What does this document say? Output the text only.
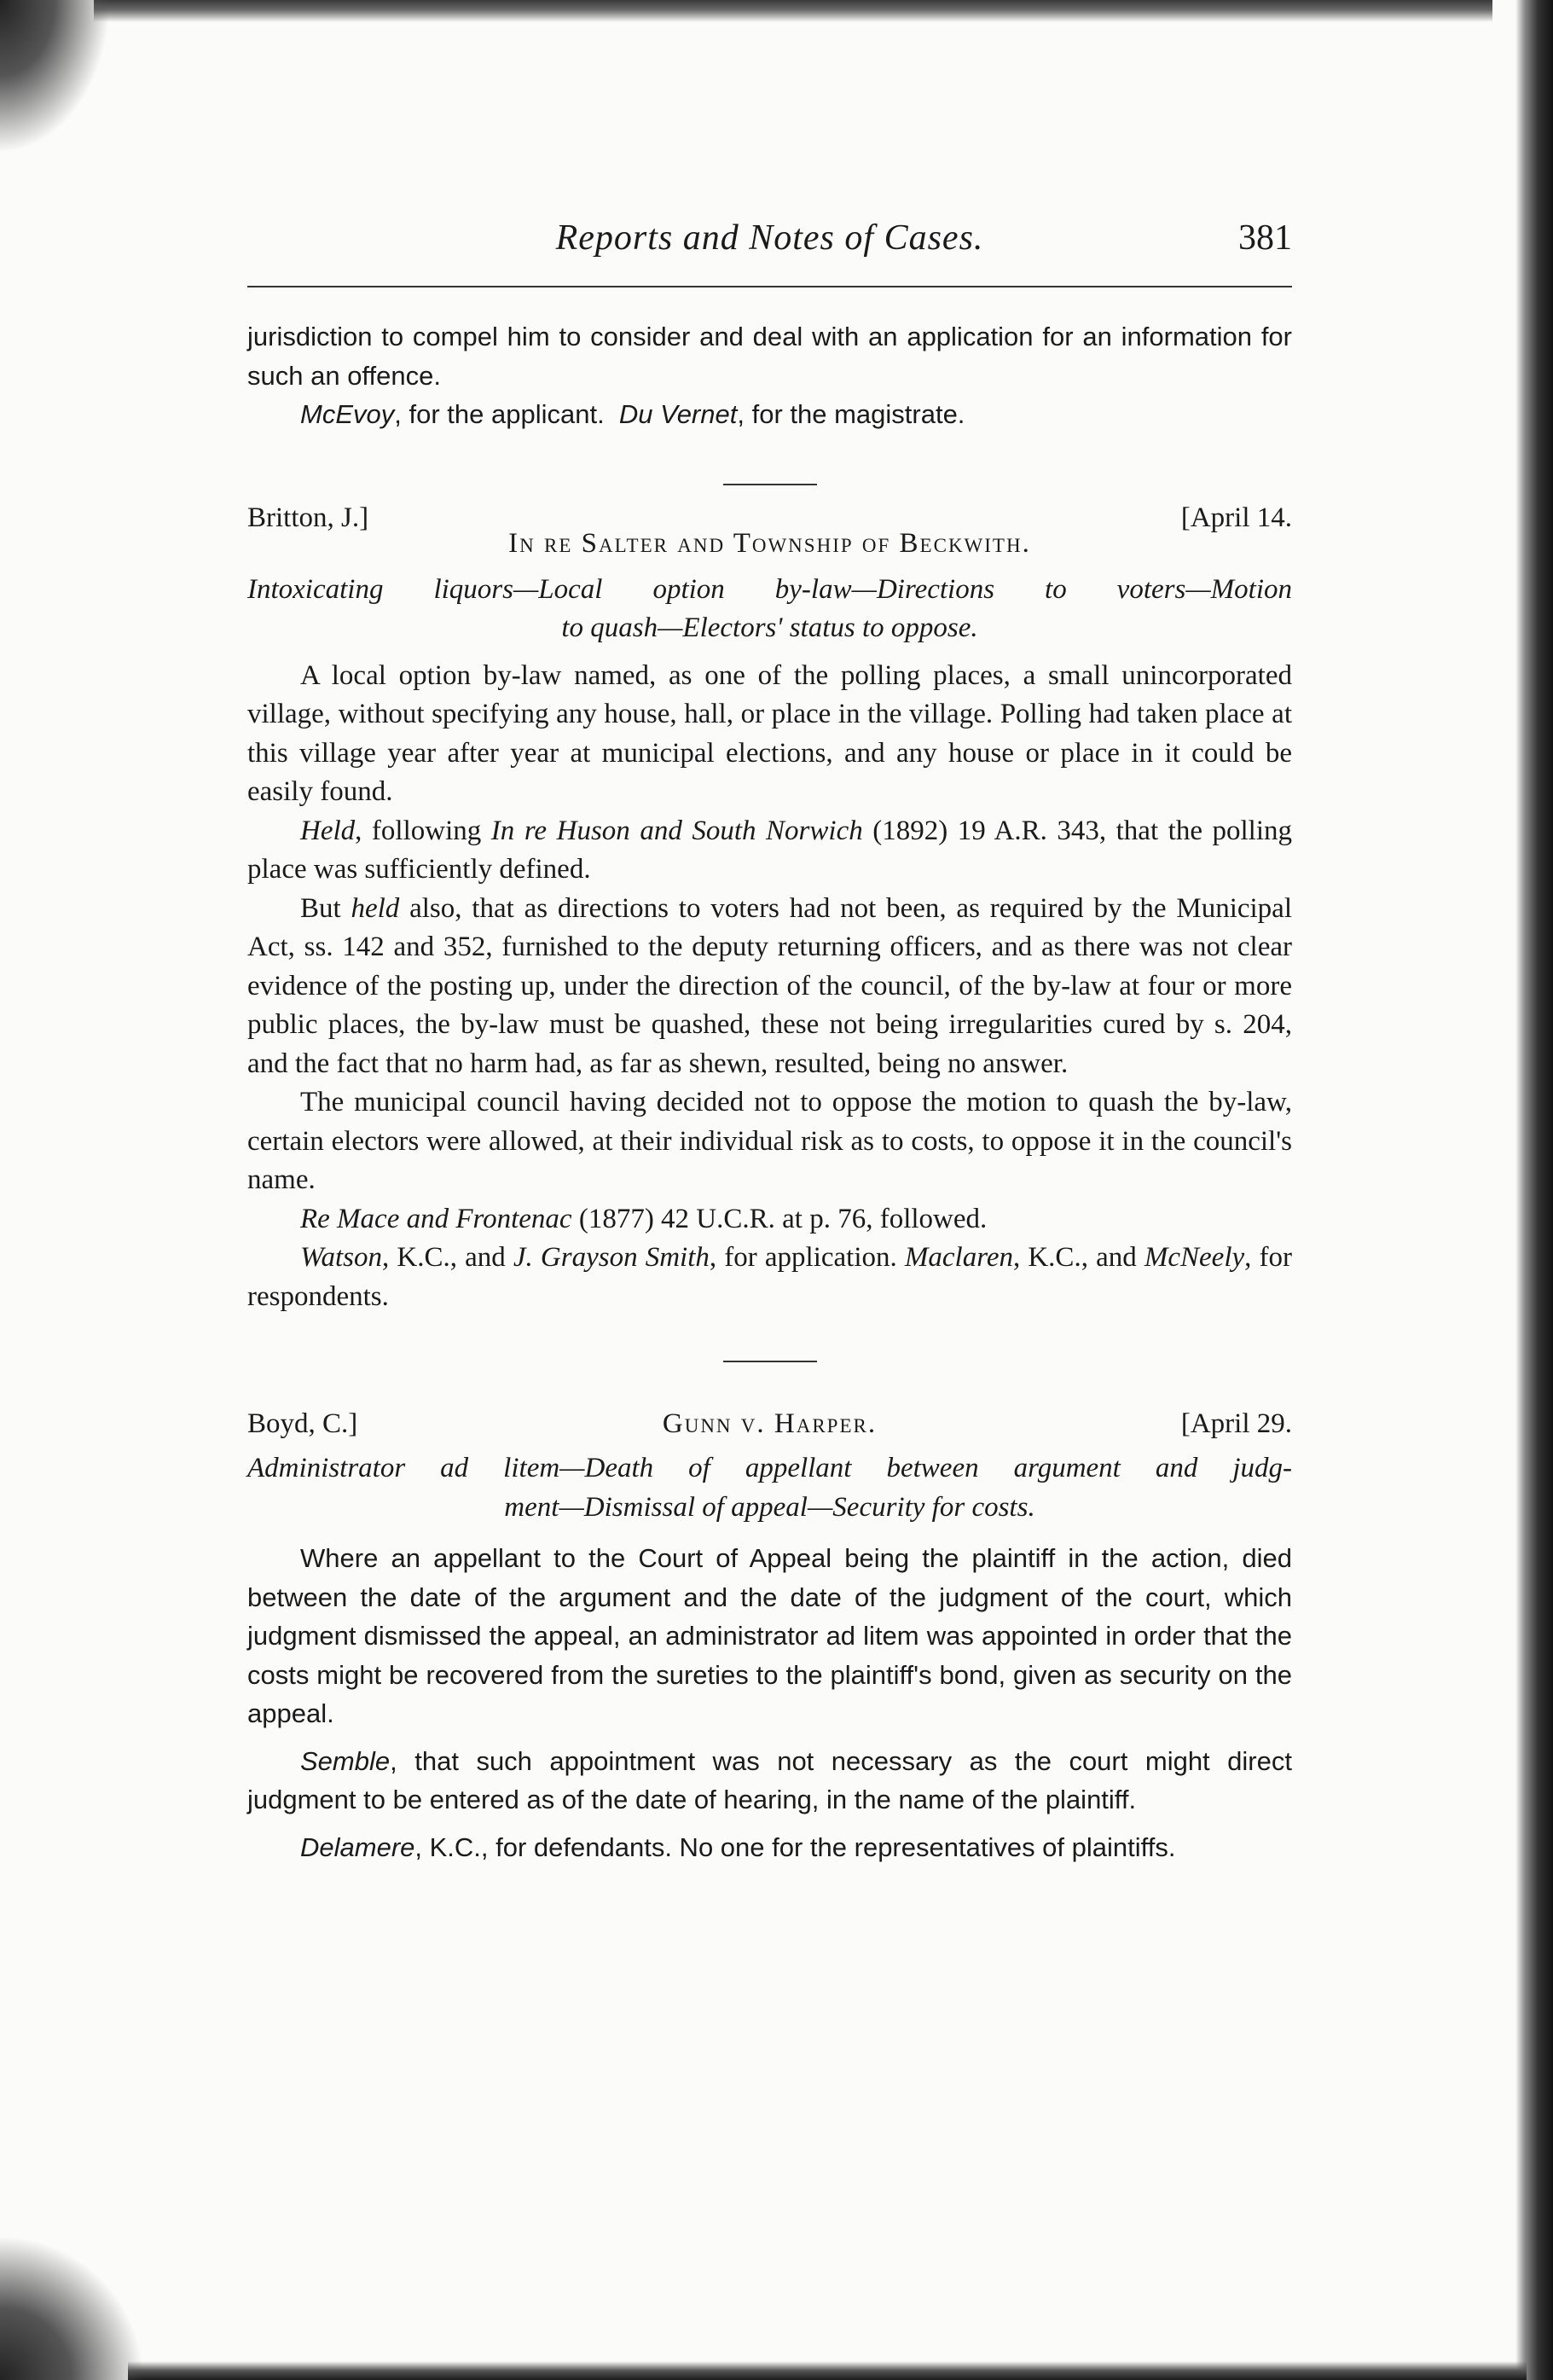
Reports and Notes of Cases.	381

jurisdiction to compel him to consider and deal with an application for an information for such an offence.

McEvoy, for the applicant. Du Vernet, for the magistrate.

Britton, J.]	[April 14.
In re Salter and Township of Beckwith.
Intoxicating liquors—Local option by-law—Directions to voters—Motion
to quash—Electors' status to oppose.

A local option by-law named, as one of the polling places, a small unincorporated village, without specifying any house, hall, or place in the village. Polling had taken place at this village year after year at municipal elections, and any house or place in it could be easily found.

Held, following In re Huson and South Norwich (1892) 19 A.R. 343, that the polling place was sufficiently defined.

But held also, that as directions to voters had not been, as required by the Municipal Act, ss. 142 and 352, furnished to the deputy returning officers, and as there was not clear evidence of the posting up, under the direction of the council, of the by-law at four or more public places, the by-law must be quashed, these not being irregularities cured by s. 204, and the fact that no harm had, as far as shewn, resulted, being no answer.

The municipal council having decided not to oppose the motion to quash the by-law, certain electors were allowed, at their individual risk as to costs, to oppose it in the council's name.

Re Mace and Frontenac (1877) 42 U.C.R. at p. 76, followed.

Watson, K.C., and J. Grayson Smith, for application. Maclaren, K.C., and McNeely, for respondents.

Boyd, C.]	Gunn v. Harper.	[April 29.
Administrator ad litem—Death of appellant between argument and judg-
ment—Dismissal of appeal—Security for costs.

Where an appellant to the Court of Appeal being the plaintiff in the action, died between the date of the argument and the date of the judgment of the court, which judgment dismissed the appeal, an administrator ad litem was appointed in order that the costs might be recovered from the sureties to the plaintiff's bond, given as security on the appeal.

Semble, that such appointment was not necessary as the court might direct judgment to be entered as of the date of hearing, in the name of the plaintiff.

Delamere, K.C., for defendants. No one for the representatives of plaintiffs.
